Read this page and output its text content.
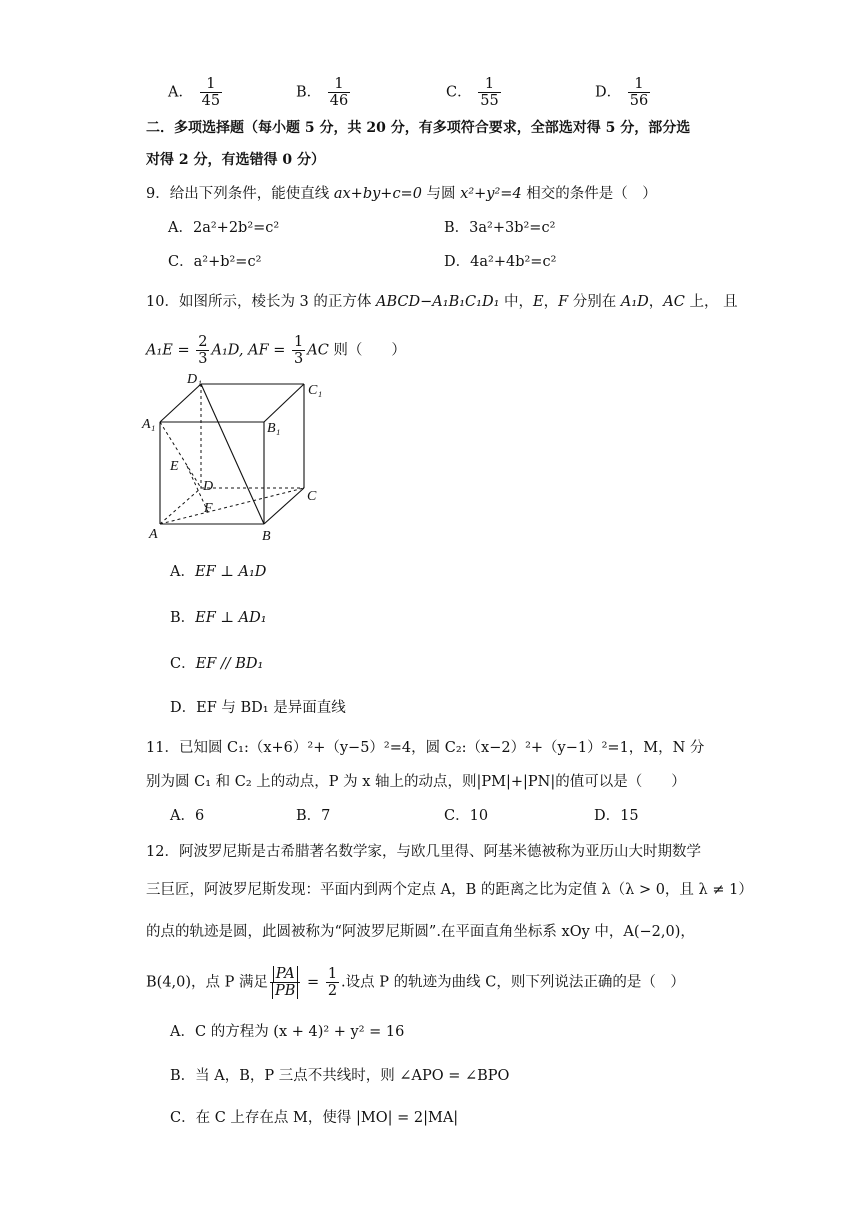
A． $\frac{1}{45}$	B． $\frac{1}{46}$	C． $\frac{1}{55}$	D． $\frac{1}{56}$
二．多项选择题（每小题 5 分，共 20 分，有多项符合要求，全部选对得 5 分，部分选
对得 2 分，有选错得 0 分）
9．给出下列条件，能使直线 ax+by+c=0 与圆 x²+y²=4 相交的条件是（　）
A．2a²+2b²=c²	B．3a²+3b²=c²
C．a²+b²=c²	D．4a²+4b²=c²
10．如图所示，棱长为 3 的正方体 ABCD−A₁B₁C₁D₁ 中，E，F 分别在 A₁D，AC 上， 且
$A_1E = \frac{2}{3} A_1D$, AF = $\frac{1}{3}$ AC 则（　　）
D₁
C₁
A₁	B₁
E
D
C
F
A	B
A．EF ⊥ A₁D
B．EF ⊥ AD₁
C．EF // BD₁
D．EF 与 BD₁ 是异面直线
11．已知圆 C₁:（x+6）²+（y−5）²=4，圆 C₂:（x−2）²+（y−1）²=1，M，N 分
别为圆 C₁ 和 C₂ 上的动点，P 为 x 轴上的动点，则|PM|+|PN|的值可以是（　　）
A．6	B．7	C．10	D．15
12．阿波罗尼斯是古希腊著名数学家，与欧几里得、阿基米德被称为亚历山大时期数学
三巨匠，阿波罗尼斯发现：平面内到两个定点 A，B 的距离之比为定值 λ（λ > 0，且 λ ≠ 1）
的点的轨迹是圆，此圆被称为“阿波罗尼斯圆”.在平面直角坐标系 xOy 中，A(−2,0)，
B(4,0)，点 P 满足 $\frac{PA}{PB} = \frac{1}{2}$ .设点 P 的轨迹为曲线 C，则下列说法正确的是（　）
A．C 的方程为 (x + 4)² + y² = 16
B．当 A，B，P 三点不共线时，则 ∠APO = ∠BPO
C．在 C 上存在点 M，使得 |MO| = 2|MA|
